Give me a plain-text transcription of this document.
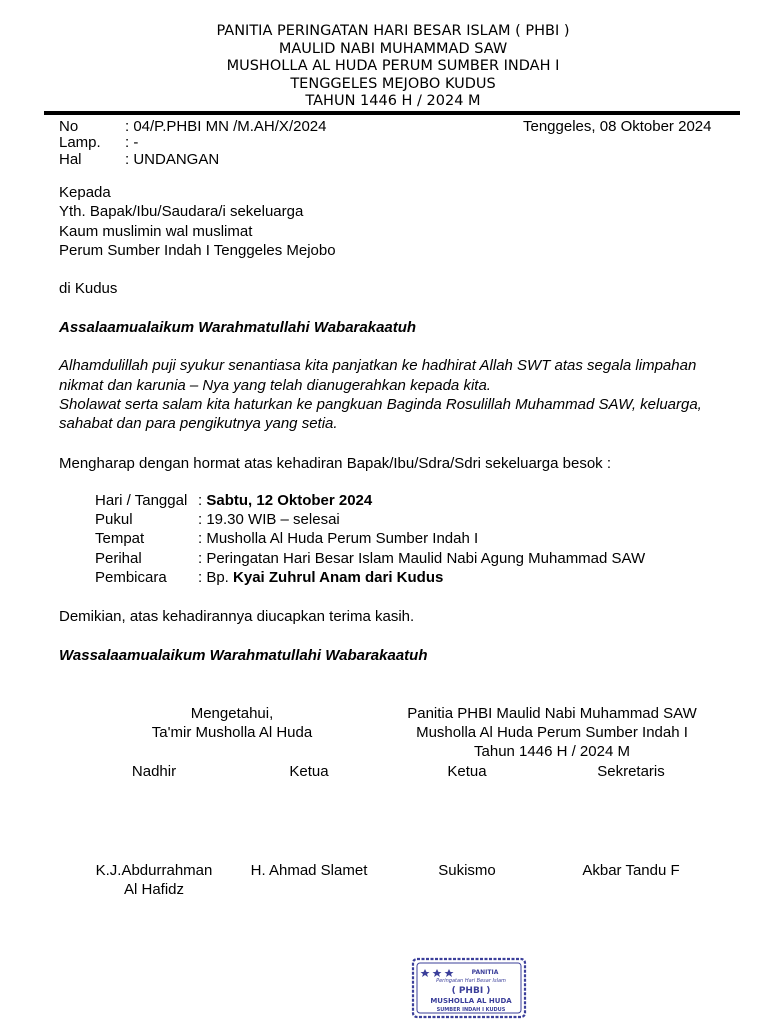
PANITIA PERINGATAN HARI BESAR ISLAM ( PHBI )
MAULID NABI MUHAMMAD SAW
MUSHOLLA AL HUDA PERUM SUMBER INDAH I
TENGGELES MEJOBO KUDUS
TAHUN 1446 H / 2024 M
No	: 04/P.PHBI MN /M.AH/X/2024	Tenggeles, 08 Oktober 2024
Lamp. : -
Hal	: UNDANGAN
Kepada
Yth. Bapak/Ibu/Saudara/i sekeluarga
Kaum muslimin wal muslimat
Perum Sumber Indah I Tenggeles Mejobo
di Kudus
Assalaamualaikum Warahmatullahi Wabarakaatuh
Alhamdulillah puji syukur senantiasa kita panjatkan ke hadhirat Allah SWT atas segala limpahan
nikmat dan karunia – Nya yang telah dianugerahkan kepada kita.
Sholawat serta salam kita haturkan ke pangkuan Baginda Rosulillah Muhammad SAW, keluarga,
sahabat dan para pengikutnya yang setia.
Mengharap dengan hormat atas kehadiran Bapak/Ibu/Sdra/Sdri sekeluarga besok :
Hari / Tanggal : Sabtu, 12 Oktober 2024
Pukul	: 19.30 WIB – selesai
Tempat	: Musholla Al Huda Perum Sumber Indah I
Perihal	: Peringatan Hari Besar Islam Maulid Nabi Agung Muhammad SAW
Pembicara : Bp. Kyai Zuhrul Anam dari Kudus
Demikian, atas kehadirannya diucapkan terima kasih.
Wassalaamualaikum Warahmatullahi Wabarakaatuh
Mengetahui,
Ta'mir Musholla Al Huda
Panitia PHBI Maulid Nabi Muhammad SAW
Musholla Al Huda Perum Sumber Indah I
Tahun 1446 H / 2024 M
Nadhir	Ketua	Ketua	Sekretaris
K.J.Abdurrahman
Al Hafidz
H. Ahmad Slamet	Sukismo	Akbar Tandu F
PANITIA
Peringatan Hari Besar Islam
( PHBI )
MUSHOLLA AL HUDA
SUMBER INDAH I KUDUS
